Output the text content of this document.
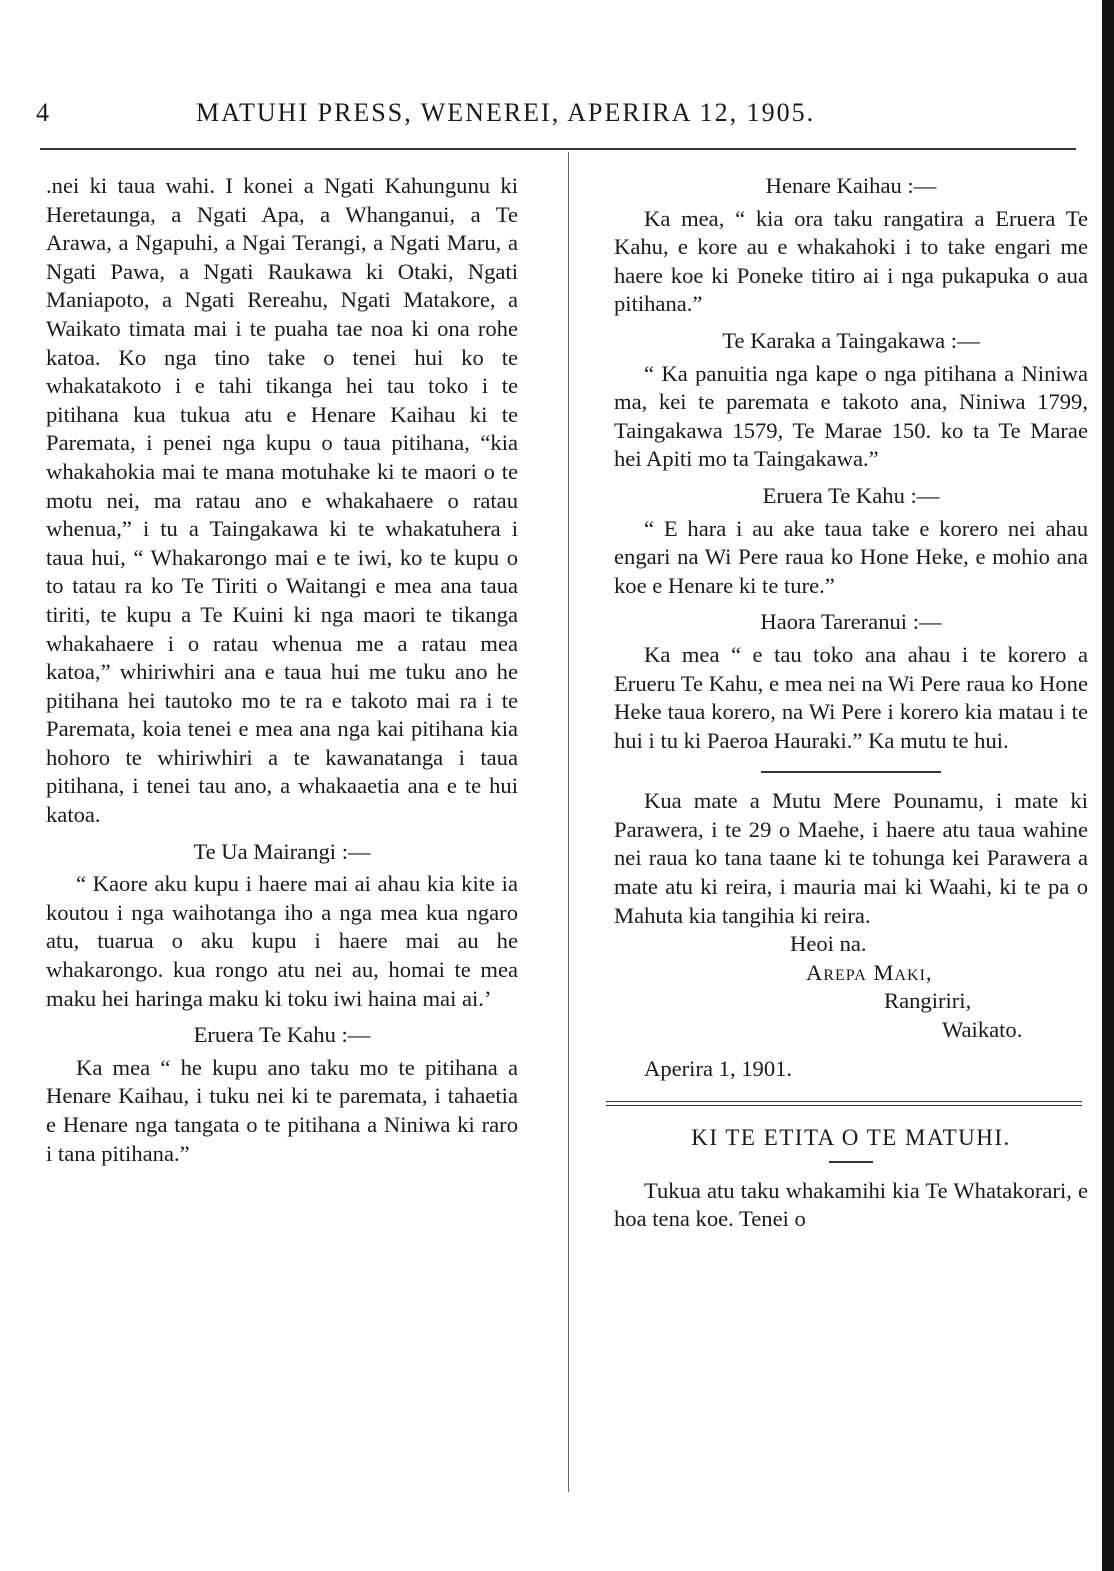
4	MATUHI PRESS, WENEREI, APERIRA 12, 1905.

.nei ki taua wahi. I konei a Ngati Kahungunu ki Heretaunga, a Ngati Apa, a Whanganui, a Te Arawa, a Ngapuhi, a Ngai Terangi, a Ngati Maru, a Ngati Pawa, a Ngati Raukawa ki Otaki, Ngati Maniapoto, a Ngati Rereahu, Ngati Matakore, a Waikato timata mai i te puaha tae noa ki ona rohe katoa. Ko nga tino take o tenei hui ko te whakatakoto i e tahi tikanga hei tau toko i te pitihana kua tukua atu e Henare Kaihau ki te Paremata, i penei nga kupu o taua pitihana, “kia whakahokia mai te mana motuhake ki te maori o te motu nei, ma ratau ano e whakahaere o ratau whenua,” i tu a Taingakawa ki te whakatuhera i taua hui, “ Whakarongo mai e te iwi, ko te kupu o to tatau ra ko Te Tiriti o Waitangi e mea ana taua tiriti, te kupu a Te Kuini ki nga maori te tikanga whakahaere i o ratau whenua me a ratau mea katoa,” whiriwhiri ana e taua hui me tuku ano he pitihana hei tautoko mo te ra e takoto mai ra i te Paremata, koia tenei e mea ana nga kai pitihana kia hohoro te whiriwhiri a te kawanatanga i taua pitihana, i tenei tau ano, a whakaaetia ana e te hui katoa.

Te Ua Mairangi :—

“ Kaore aku kupu i haere mai ai ahau kia kite ia koutou i nga waihotanga iho a nga mea kua ngaro atu, tuarua o aku kupu i haere mai au he whakarongo. kua rongo atu nei au, homai te mea maku hei haringa maku ki toku iwi haina mai ai.’

Eruera Te Kahu :—

Ka mea “ he kupu ano taku mo te pitihana a Henare Kaihau, i tuku nei ki te paremata, i tahaetia e Henare nga tangata o te pitihana a Niniwa ki raro i tana pitihana.”

Henare Kaihau :—

Ka mea, “ kia ora taku rangatira a Eruera Te Kahu, e kore au e whakahoki i to take engari me haere koe ki Poneke titiro ai i nga pukapuka o aua pitihana.”

Te Karaka a Taingakawa :—

“ Ka panuitia nga kape o nga pitihana a Niniwa ma, kei te paremata e takoto ana, Niniwa 1799, Taingakawa 1579, Te Marae 150. ko ta Te Marae hei Apiti mo ta Taingakawa.”

Eruera Te Kahu :—

“ E hara i au ake taua take e korero nei ahau engari na Wi Pere raua ko Hone Heke, e mohio ana koe e Henare ki te ture.”

Haora Tareranui :—

Ka mea “ e tau toko ana ahau i te korero a Erueru Te Kahu, e mea nei na Wi Pere raua ko Hone Heke taua korero, na Wi Pere i korero kia matau i te hui i tu ki Paeroa Hauraki.” Ka mutu te hui.

Kua mate a Mutu Mere Pounamu, i mate ki Parawera, i te 29 o Maehe, i haere atu taua wahine nei raua ko tana taane ki te tohunga kei Parawera a mate atu ki reira, i mauria mai ki Waahi, ki te pa o Mahuta kia tangihia ki reira.

Heoi na.

Arepa Maki,

Rangiriri,

Waikato.

Aperira 1, 1901.

KI TE ETITA O TE MATUHI.

Tukua atu taku whakamihi kia Te Whatakorari, e hoa tena koe. Tenei o
